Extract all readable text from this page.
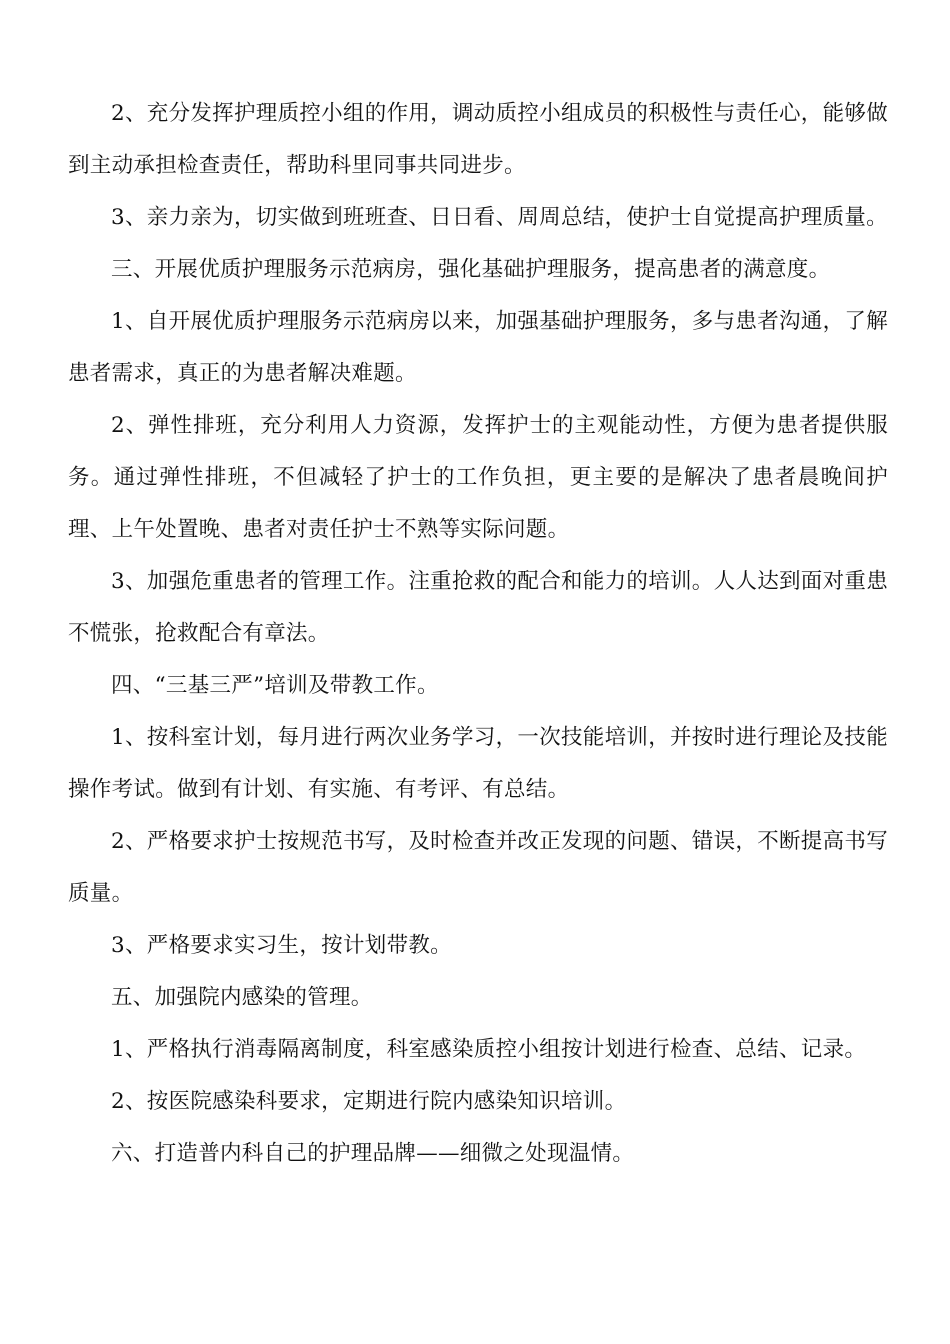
2、充分发挥护理质控小组的作用，调动质控小组成员的积极性与责任心，能够做到主动承担检查责任，帮助科里同事共同进步。

3、亲力亲为，切实做到班班查、日日看、周周总结，使护士自觉提高护理质量。

三、开展优质护理服务示范病房，强化基础护理服务，提高患者的满意度。

1、自开展优质护理服务示范病房以来，加强基础护理服务，多与患者沟通，了解患者需求，真正的为患者解决难题。

2、弹性排班，充分利用人力资源，发挥护士的主观能动性，方便为患者提供服务。通过弹性排班，不但减轻了护士的工作负担，更主要的是解决了患者晨晚间护理、上午处置晚、患者对责任护士不熟等实际问题。

3、加强危重患者的管理工作。注重抢救的配合和能力的培训。人人达到面对重患不慌张，抢救配合有章法。

四、“三基三严”培训及带教工作。

1、按科室计划，每月进行两次业务学习，一次技能培训，并按时进行理论及技能操作考试。做到有计划、有实施、有考评、有总结。

2、严格要求护士按规范书写，及时检查并改正发现的问题、错误，不断提高书写质量。

3、严格要求实习生，按计划带教。

五、加强院内感染的管理。

1、严格执行消毒隔离制度，科室感染质控小组按计划进行检查、总结、记录。

2、按医院感染科要求，定期进行院内感染知识培训。

六、打造普内科自己的护理品牌——细微之处现温情。
